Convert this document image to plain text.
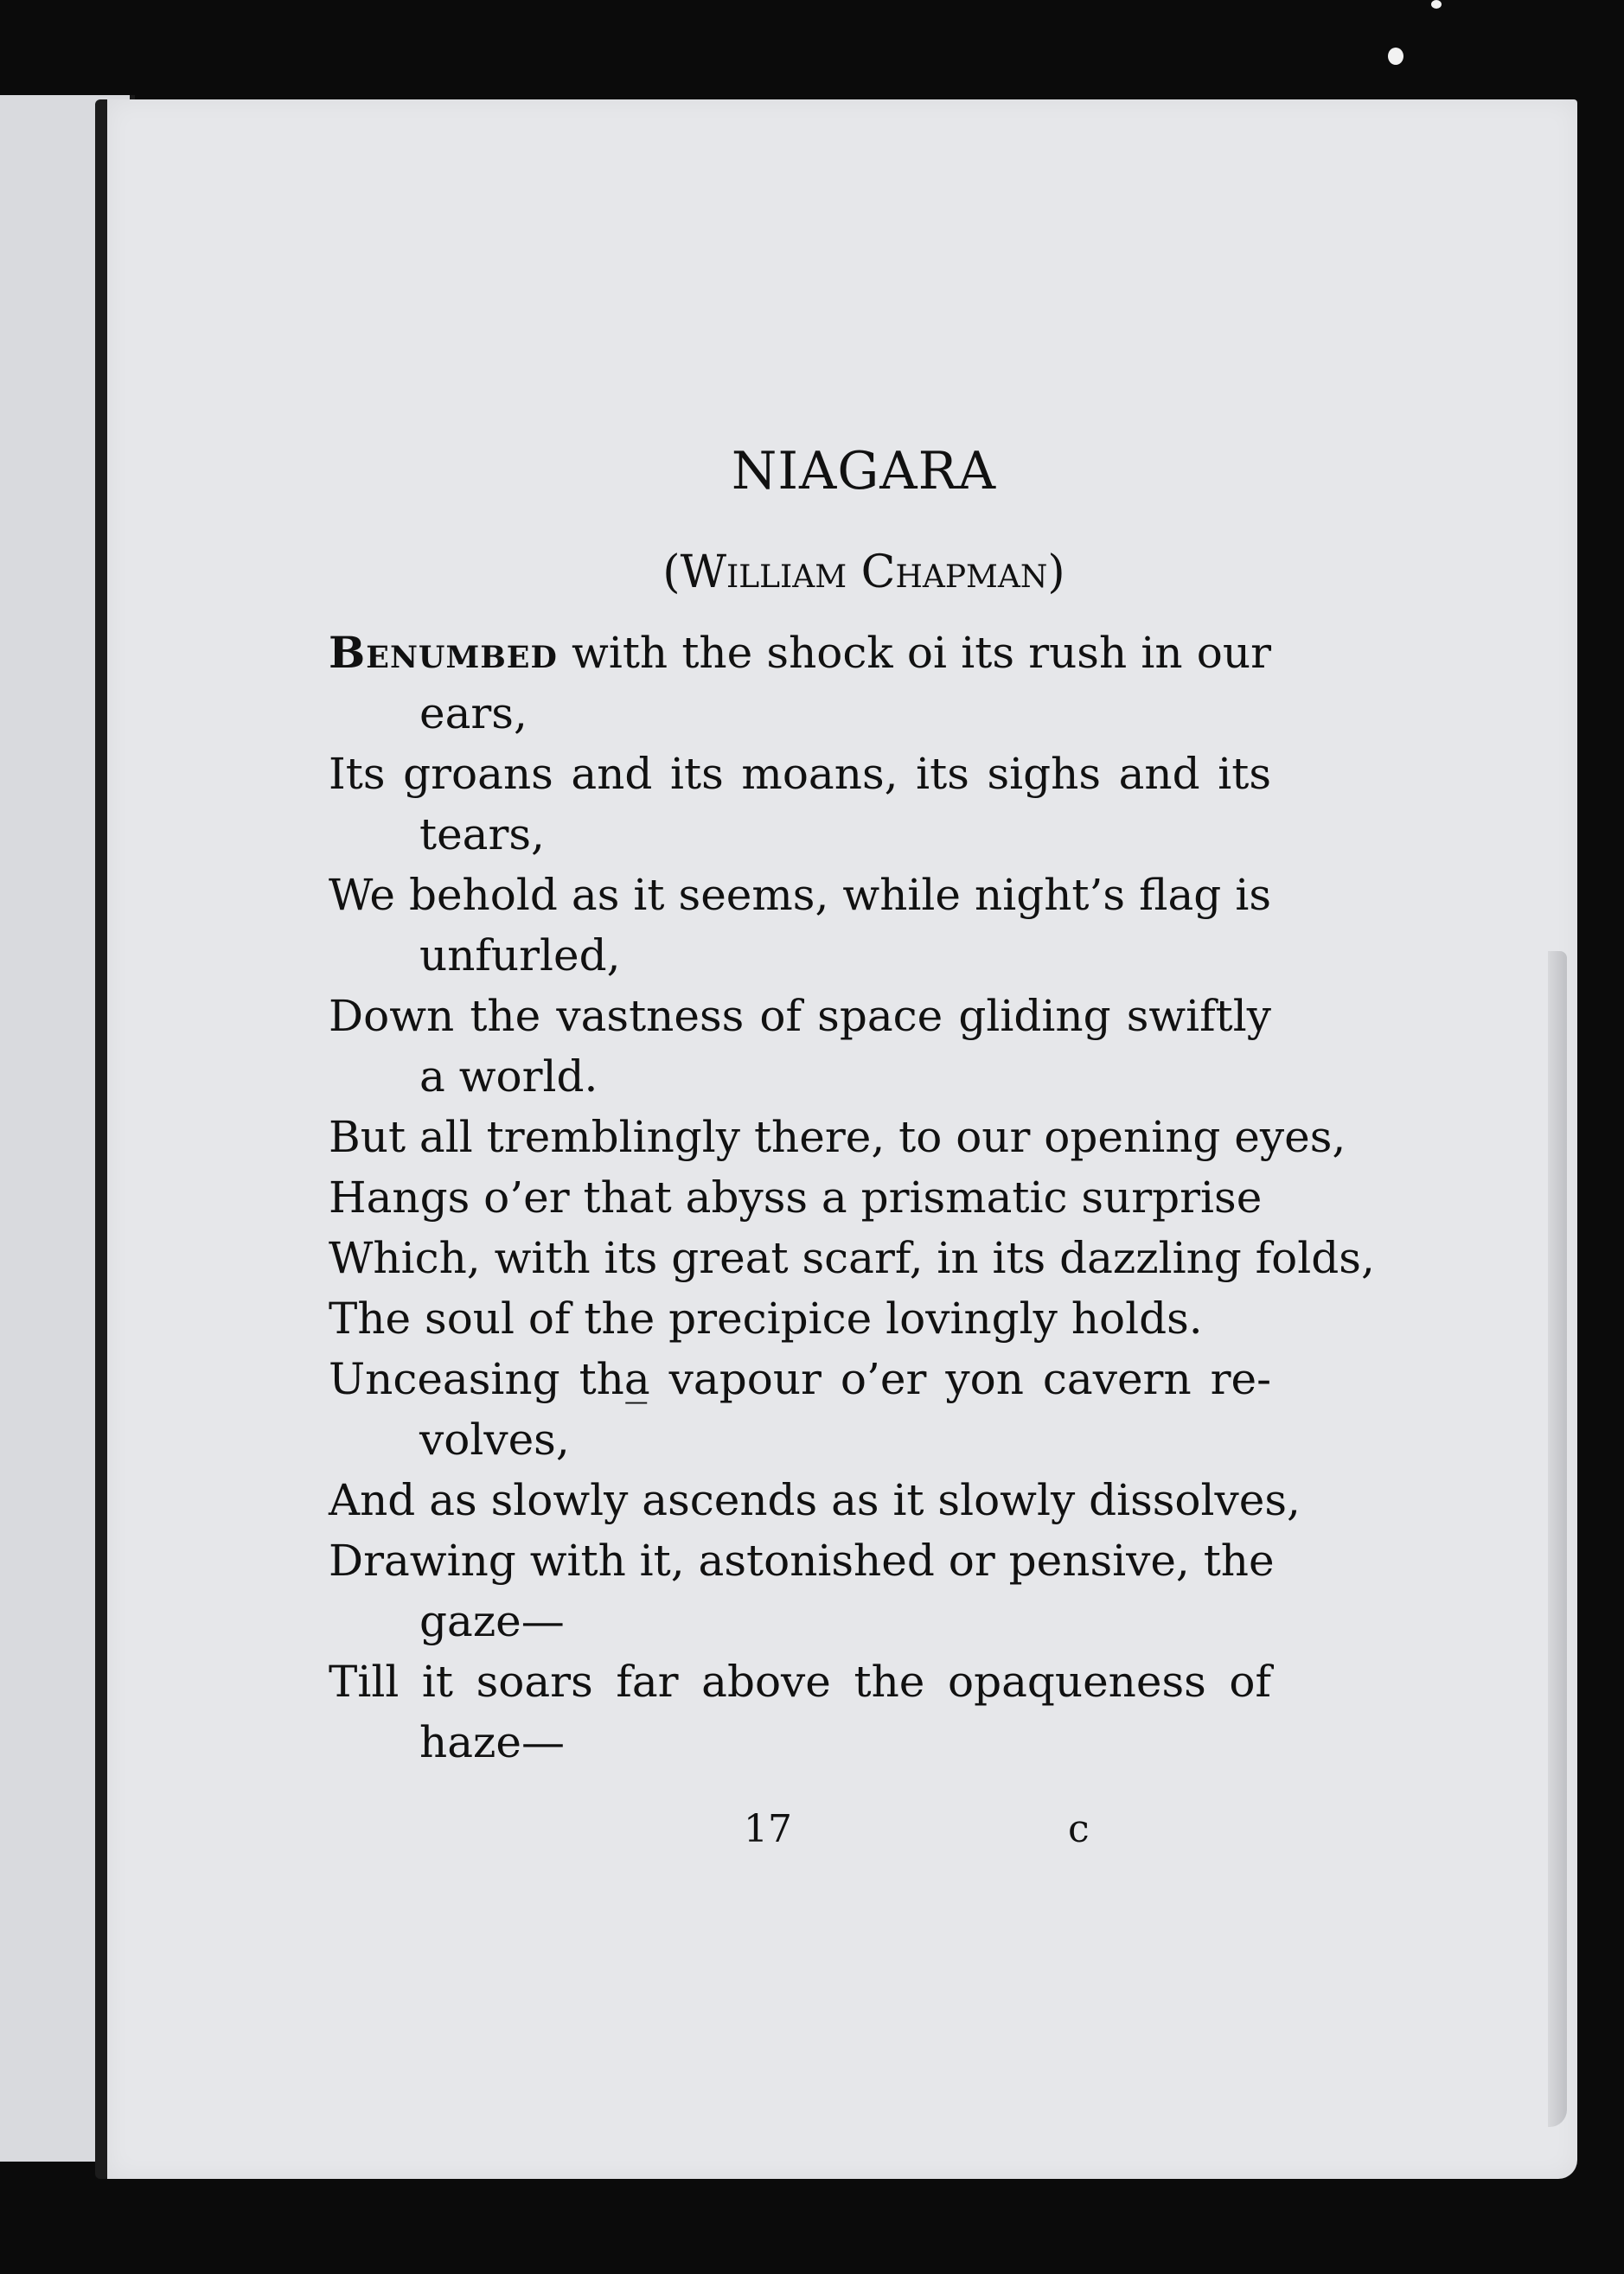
NIAGARA
(William Chapman)
Benumbed with the shock oi its rush in our
ears,
Its groans and its moans, its sighs and its
tears,
We behold as it seems, while night’s flag is
unfurled,
Down the vastness of space gliding swiftly
a world.
But all tremblingly there, to our opening eyes,
Hangs o’er that abyss a prismatic surprise
Which, with its great scarf, in its dazzling folds,
The soul of the precipice lovingly holds.
Unceasing tha̲ vapour o’er yon cavern re-
volves,
And as slowly ascends as it slowly dissolves,
Drawing with it, astonished or pensive, the
gaze—
Till it soars far above the opaqueness of
haze—
17	c
